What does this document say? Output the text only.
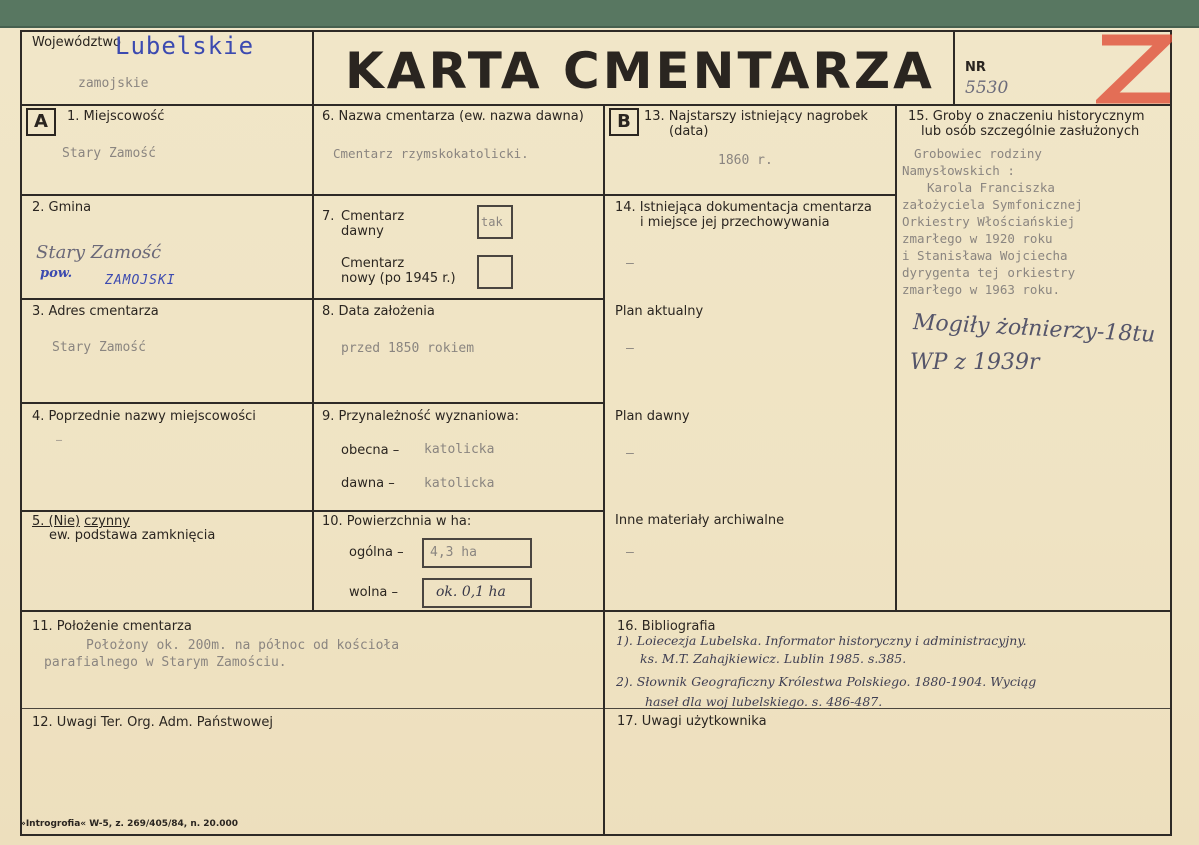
Województwo
Lubelskie
zamojskie	KARTA CMENTARZA NR
5530
A	1. Miejscowość
Stary Zamość
2. Gmina
Stary Zamość
pow.	ZAMOJSKI
3. Adres cmentarza
Stary Zamość
4. Poprzednie nazwy miejscowości
–
5. (Nie) czynny
ew. podstawa zamknięcia
6. Nazwa cmentarza (ew. nazwa dawna)
Cmentarz rzymskokatolicki.
7. Cmentarz
dawny
tak
Cmentarz
nowy (po 1945 r.)
8. Data założenia
przed 1850 rokiem
9. Przynależność wyznaniowa:
obecna – katolicka
dawna – katolicka
10. Powierzchnia w ha:
ogólna – 4,3 ha
wolna –	ok. 0,1 ha
B	13. Najstarszy istniejący nagrobek
(data)
1860 r.
14. Istniejąca dokumentacja cmentarza
i miejsce jej przechowywania
–
Plan aktualny
–
Plan dawny
–
Inne materiały archiwalne
–
15. Groby o znaczeniu historycznym
lub osób szczególnie zasłużonych
Grobowiec rodziny
Namysłowskich :
Karola Franciszka
założyciela Symfonicznej
Orkiestry Włościańskiej
zmarłego w 1920 roku
i Stanisława Wojciecha
dyrygenta tej orkiestry
zmarłego w 1963 roku.
Mogiły żołnierzy-18tu
WP z 1939r
11. Położenie cmentarza
Położony ok. 200m. na północ od kościoła
parafialnego w Starym Zamościu.
12. Uwagi Ter. Org. Adm. Państwowej
16. Bibliografia
1). Loiecezja Lubelska. Informator historyczny i administracyjny.
ks. M.T. Zahajkiewicz. Lublin 1985. s.385.
2). Słownik Geograficzny Królestwa Polskiego. 1880-1904. Wyciąg
haseł dla woj lubelskiego. s. 486-487.
17. Uwagi użytkownika
»Introgrofia« W-5, z. 269/405/84, n. 20.000
